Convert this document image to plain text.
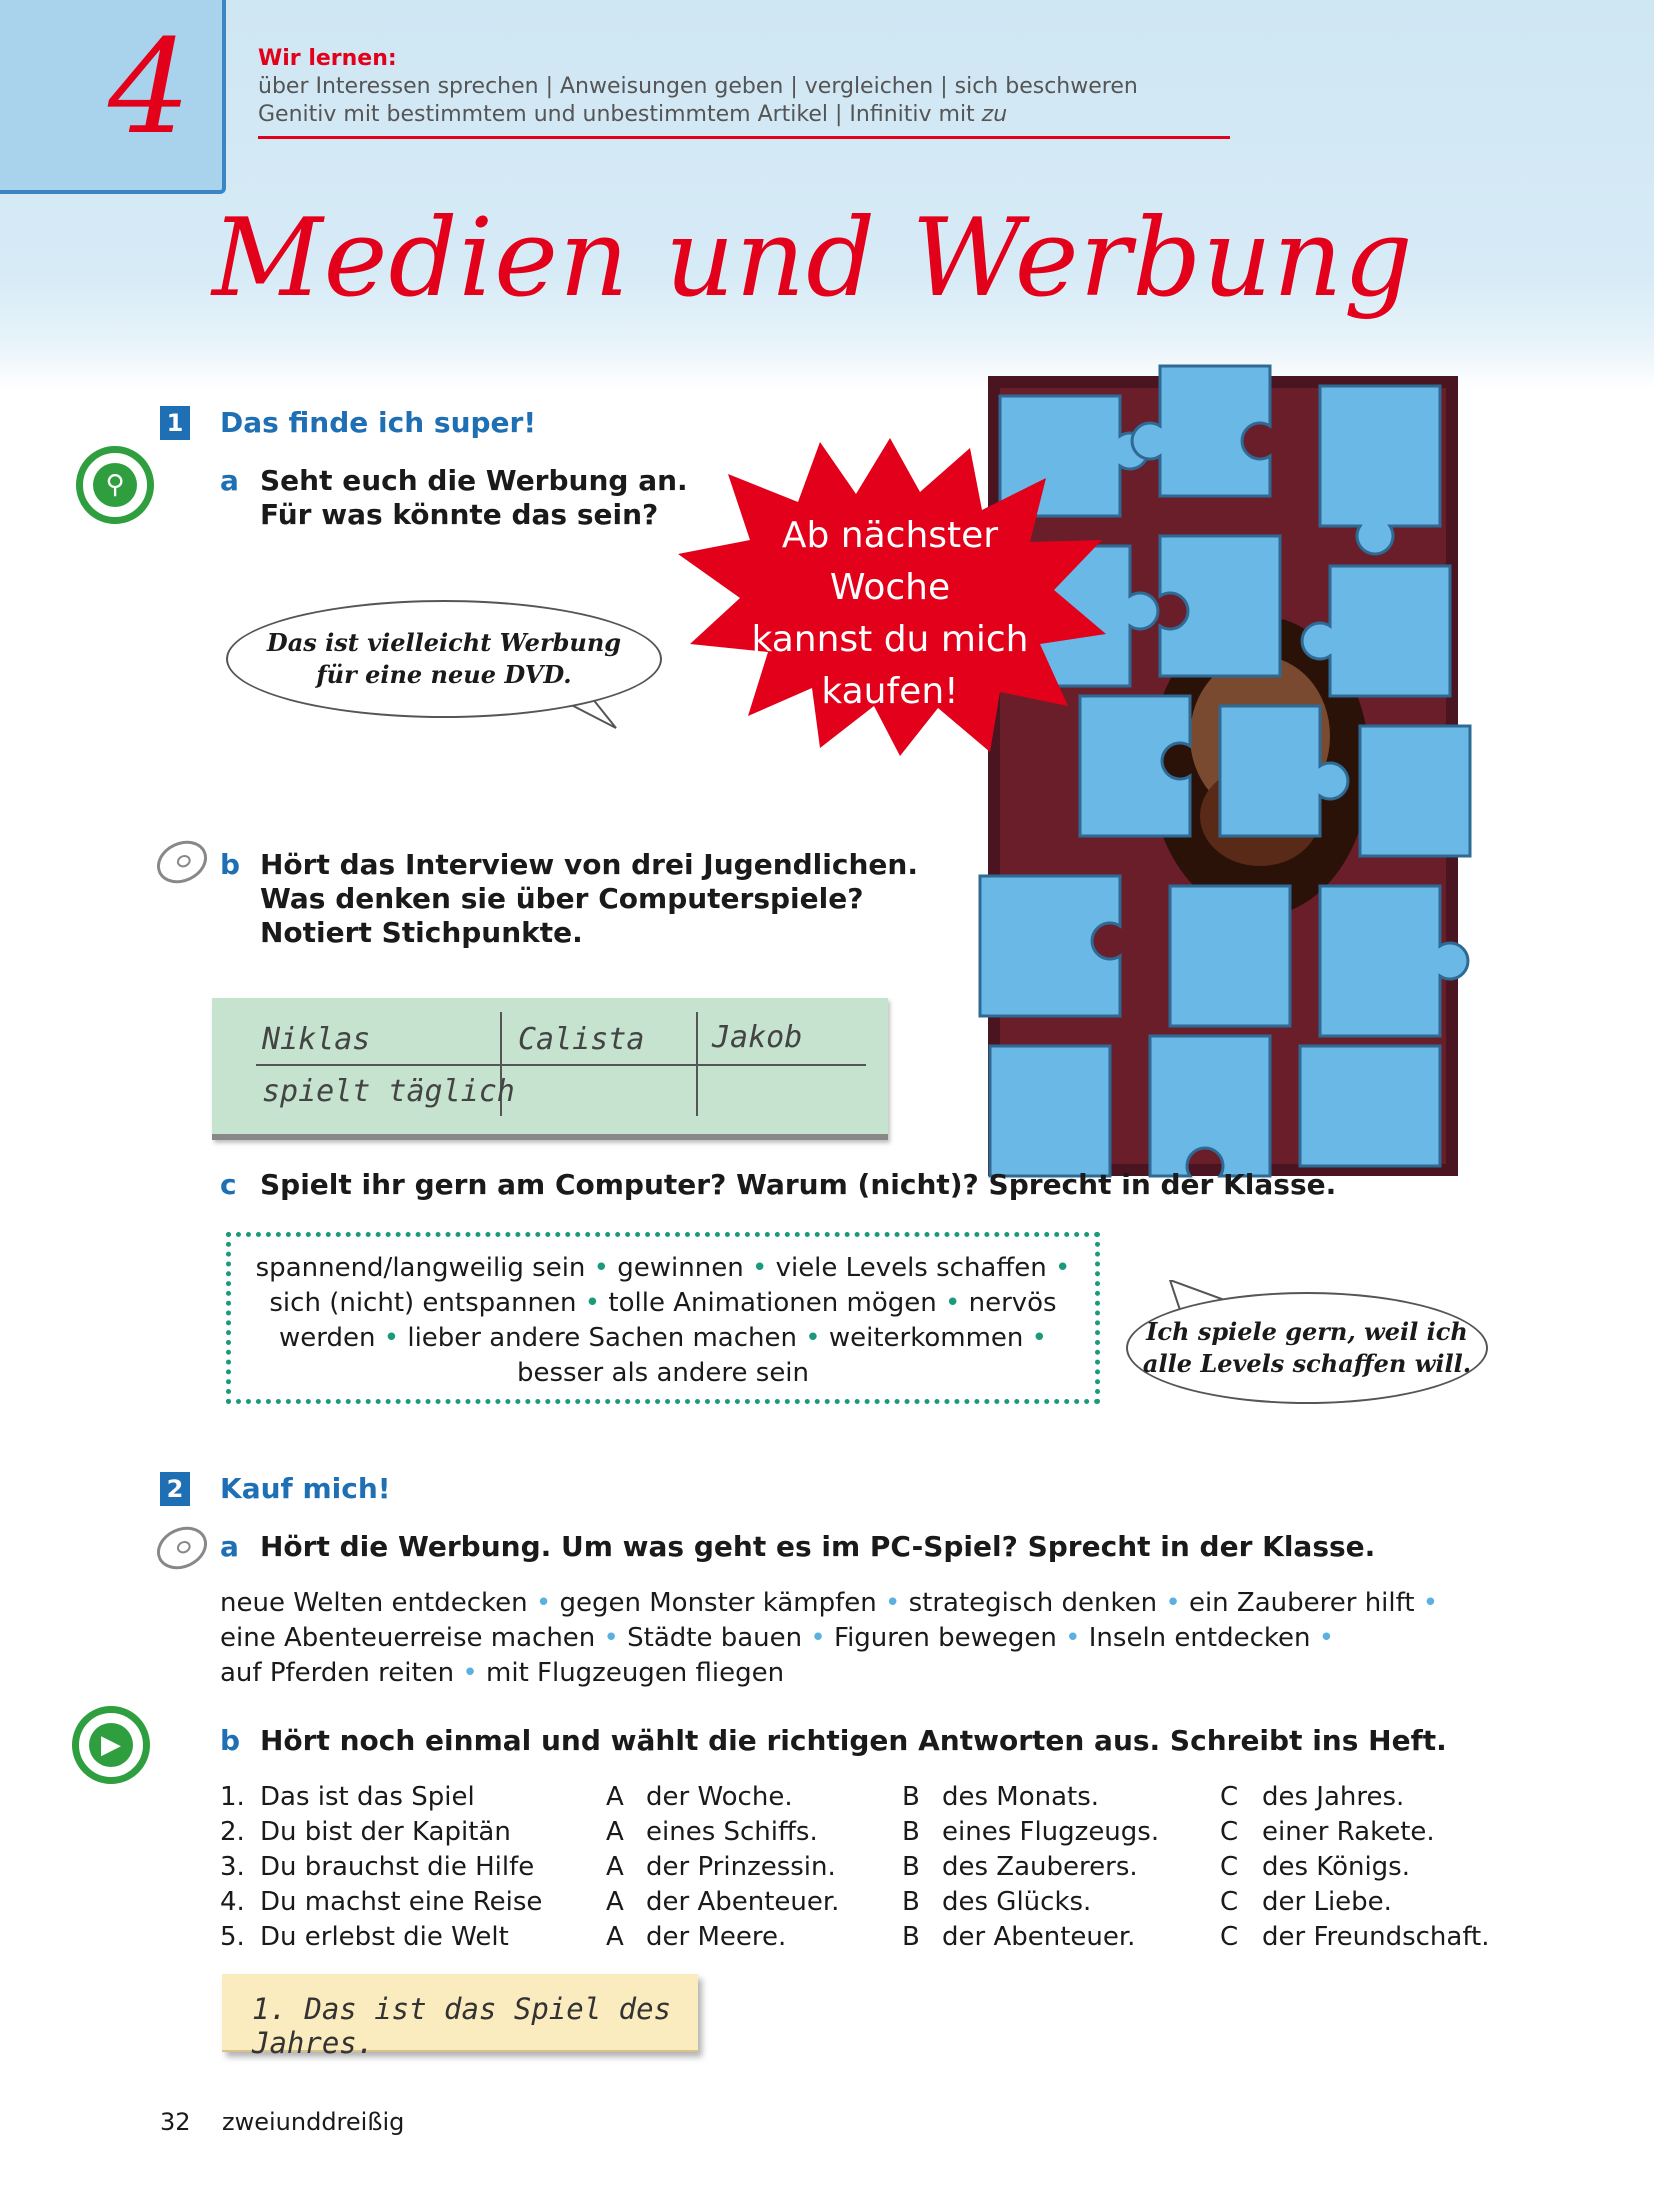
4	Wir lernen:
über Interessen sprechen | Anweisungen geben | vergleichen | sich beschweren
Genitiv mit bestimmtem und unbestimmtem Artikel | Infinitiv mit zu
Medien und Werbung
1 Das finde ich super!
⚲	a Seht euch die Werbung an.
Für was könnte das sein?
Das ist vielleicht Werbung
für eine neue DVD.
Ab nächster
Woche
kannst du mich
kaufen!
b Hört das Interview von drei Jugendlichen.
Was denken sie über Computerspiele?
Notiert Stichpunkte.
Niklas	Calista Jakob
spielt täglich
c Spielt ihr gern am Computer? Warum (nicht)? Sprecht in der Klasse.
spannend/langweilig sein • gewinnen • viele Levels schaffen •
sich (nicht) entspannen • tolle Animationen mögen • nervös
werden • lieber andere Sachen machen • weiterkommen •
besser als andere sein
Ich spiele gern, weil ich
alle Levels schaffen will.
2 Kauf mich!
a Hört die Werbung. Um was geht es im PC-Spiel? Sprecht in der Klasse.
neue Welten entdecken • gegen Monster kämpfen • strategisch denken • ein Zauberer hilft •
eine Abenteuerreise machen • Städte bauen • Figuren bewegen • Inseln entdecken •
auf Pferden reiten • mit Flugzeugen fliegen
▶	b Hört noch einmal und wählt die richtigen Antworten aus. Schreibt ins Heft.
1. Das ist das Spiel	A der Woche.	B des Monats.	C des Jahres.
2. Du bist der Kapitän	A eines Schiffs.	B eines Flugzeugs. C einer Rakete.
3. Du brauchst die Hilfe	A der Prinzessin.	B des Zauberers.	C des Königs.
4. Du machst eine Reise A der Abenteuer. B des Glücks.	C der Liebe.
5. Du erlebst die Welt	A der Meere.	B der Abenteuer.	C der Freundschaft.
1. Das ist das Spiel des Jahres.
32 zweiunddreißig
